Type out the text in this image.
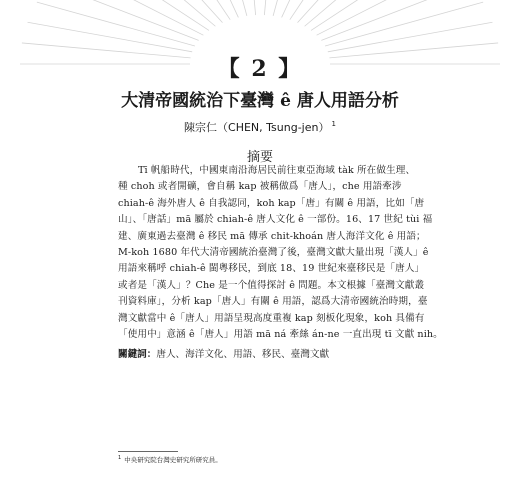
【 2 】
大清帝國統治下臺灣 ê 唐人用語分析
陳宗仁（CHEN, Tsung-jen） $^1$
摘要
Tī 帆船時代，中國東南沿海居民前往東亞海域 tàk 所在做生理、
種 choh 或者開礦，會自稱 kap 被稱做爲「唐人」，che 用語牽涉
chiah-ê 海外唐人 ê 自我認同，koh kap「唐」有關 ê 用語，比如「唐
山」、「唐話」mā 屬於 chiah-ê 唐人文化 ê 一部份。16、17 世紀 tùi 福
建、廣東過去臺灣 ê 移民 mā 傳承 chit-khoán 唐人海洋文化 ê 用語；
M-koh 1680 年代大清帝國統治臺灣了後，臺灣文獻大量出現「漢人」ê
用語來稱呼 chiah-ê 閩粵移民，到底 18、19 世紀來臺移民是「唐人」
或者是「漢人」？Che 是一个值得探討 ê 問題。本文根據「臺灣文獻叢
刊資料庫」，分析 kap「唐人」有關 ê 用語，認爲大清帝國統治時期，臺
灣文獻當中 ê「唐人」用語呈現高度重複 kap 刻板化現象，koh 具備有
「使用中」意涵 ê「唐人」用語 mā ná 牽絲 án-ne 一直出現 tī 文獻 nih。
關鍵詞：唐人、海洋文化、用語、移民、臺灣文獻
$^1$ 中央研究院台灣史研究所研究員。
